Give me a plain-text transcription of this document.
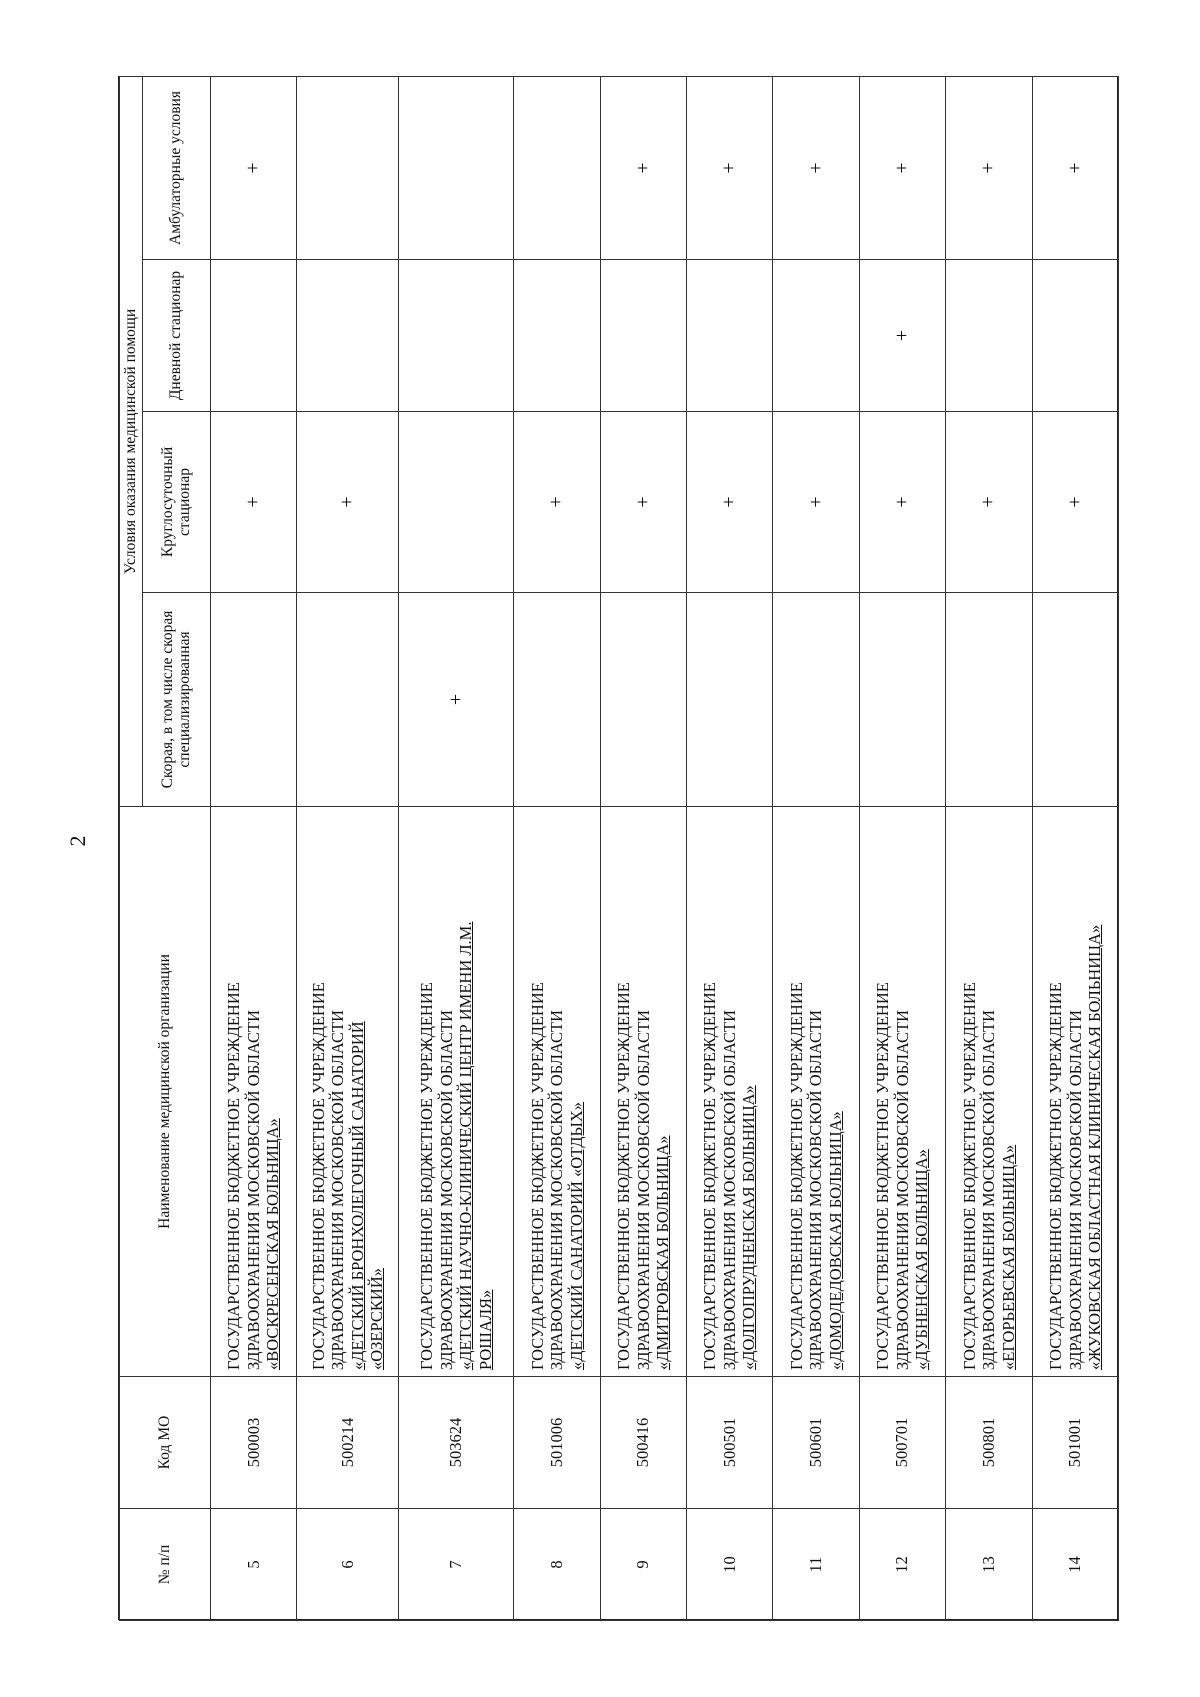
2
№ п/п	Код МО	Наименование медицинской организации	Условия оказания медицинской помощи			
			Скорая, в том числе скорая специализированная	Круглосуточный стационар	Дневной стационар	Амбулаторные условия
5	500003	ГОСУДАРСТВЕННОЕ БЮДЖЕТНОЕ УЧРЕЖДЕНИЕ ЗДРАВООХРАНЕНИЯ МОСКОВСКОЙ ОБЛАСТИ «ВОСКРЕСЕНСКАЯ БОЛЬНИЦА»		+		+
6	500214	ГОСУДАРСТВЕННОЕ БЮДЖЕТНОЕ УЧРЕЖДЕНИЕ ЗДРАВООХРАНЕНИЯ МОСКОВСКОЙ ОБЛАСТИ «ДЕТСКИЙ БРОНХОЛЕГОЧНЫЙ САНАТОРИЙ «ОЗЕРСКИЙ»		+		
7	503624	ГОСУДАРСТВЕННОЕ БЮДЖЕТНОЕ УЧРЕЖДЕНИЕ ЗДРАВООХРАНЕНИЯ МОСКОВСКОЙ ОБЛАСТИ «ДЕТСКИЙ НАУЧНО-КЛИНИЧЕСКИЙ ЦЕНТР ИМЕНИ Л.М. РОШАЛЯ»	+			
8	501006	ГОСУДАРСТВЕННОЕ БЮДЖЕТНОЕ УЧРЕЖДЕНИЕ ЗДРАВООХРАНЕНИЯ МОСКОВСКОЙ ОБЛАСТИ «ДЕТСКИЙ САНАТОРИЙ «ОТДЫХ»		+		
9	500416	ГОСУДАРСТВЕННОЕ БЮДЖЕТНОЕ УЧРЕЖДЕНИЕ ЗДРАВООХРАНЕНИЯ МОСКОВСКОЙ ОБЛАСТИ «ДМИТРОВСКАЯ БОЛЬНИЦА»		+		+
10	500501	ГОСУДАРСТВЕННОЕ БЮДЖЕТНОЕ УЧРЕЖДЕНИЕ ЗДРАВООХРАНЕНИЯ МОСКОВСКОЙ ОБЛАСТИ «ДОЛГОПРУДНЕНСКАЯ БОЛЬНИЦА»		+		+
11	500601	ГОСУДАРСТВЕННОЕ БЮДЖЕТНОЕ УЧРЕЖДЕНИЕ ЗДРАВООХРАНЕНИЯ МОСКОВСКОЙ ОБЛАСТИ «ДОМОДЕДОВСКАЯ БОЛЬНИЦА»		+		+
12	500701	ГОСУДАРСТВЕННОЕ БЮДЖЕТНОЕ УЧРЕЖДЕНИЕ ЗДРАВООХРАНЕНИЯ МОСКОВСКОЙ ОБЛАСТИ «ДУБНЕНСКАЯ БОЛЬНИЦА»		+	+	+
13	500801	ГОСУДАРСТВЕННОЕ БЮДЖЕТНОЕ УЧРЕЖДЕНИЕ ЗДРАВООХРАНЕНИЯ МОСКОВСКОЙ ОБЛАСТИ «ЕГОРЬЕВСКАЯ БОЛЬНИЦА»		+		+
14	501001	ГОСУДАРСТВЕННОЕ БЮДЖЕТНОЕ УЧРЕЖДЕНИЕ ЗДРАВООХРАНЕНИЯ МОСКОВСКОЙ ОБЛАСТИ «ЖУКОВСКАЯ ОБЛАСТНАЯ КЛИНИЧЕСКАЯ БОЛЬНИЦА»		+		+
